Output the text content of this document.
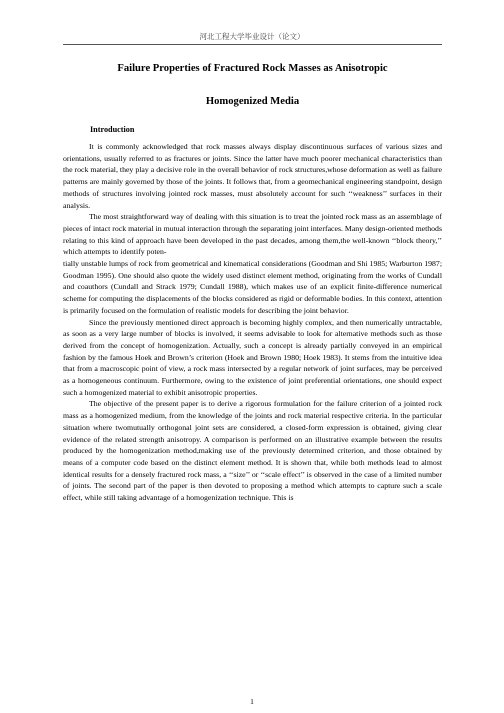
河北工程大学毕业设计（论文）
Failure Properties of Fractured Rock Masses as Anisotropic
Homogenized Media
Introduction

It is commonly acknowledged that rock masses always display discontinuous surfaces of various sizes and orientations, usually referred to as fractures or joints. Since the latter have much poorer mechanical characteristics than the rock material, they play a decisive role in the overall behavior of rock structures,whose deformation as well as failure patterns are mainly governed by those of the joints. It follows that, from a geomechanical engineering standpoint, design methods of structures involving jointed rock masses, must absolutely account for such ‘‘weakness’’ surfaces in their analysis.

The most straightforward way of dealing with this situation is to treat the jointed rock mass as an assemblage of pieces of intact rock material in mutual interaction through the separating joint interfaces. Many design-oriented methods relating to this kind of approach have been developed in the past decades, among them,the well-known ‘‘block theory,’’ which attempts to identify poten-

tially unstable lumps of rock from geometrical and kinematical considerations (Goodman and Shi 1985; Warburton 1987; Goodman 1995). One should also quote the widely used distinct element method, originating from the works of Cundall and coauthors (Cundall and Strack 1979; Cundall 1988), which makes use of an explicit finite-difference numerical scheme for computing the displacements of the blocks considered as rigid or deformable bodies. In this context, attention is primarily focused on the formulation of realistic models for describing the joint behavior.

Since the previously mentioned direct approach is becoming highly complex, and then numerically untractable, as soon as a very large number of blocks is involved, it seems advisable to look for alternative methods such as those derived from the concept of homogenization. Actually, such a concept is already partially conveyed in an empirical fashion by the famous Hoek and Brown’s criterion (Hoek and Brown 1980; Hoek 1983). It stems from the intuitive idea that from a macroscopic point of view, a rock mass intersected by a regular network of joint surfaces, may be perceived as a homogeneous continuum. Furthermore, owing to the existence of joint preferential orientations, one should expect such a homogenized material to exhibit anisotropic properties.

The objective of the present paper is to derive a rigorous formulation for the failure criterion of a jointed rock mass as a homogenized medium, from the knowledge of the joints and rock material respective criteria. In the particular situation where twomutually orthogonal joint sets are considered, a closed-form expression is obtained, giving clear evidence of the related strength anisotropy. A comparison is performed on an illustrative example between the results produced by the homogenization method,making use of the previously determined criterion, and those obtained by means of a computer code based on the distinct element method. It is shown that, while both methods lead to almost identical results for a densely fractured rock mass, a ‘‘size’’ or ‘‘scale effect’’ is observed in the case of a limited number of joints. The second part of the paper is then devoted to proposing a method which attempts to capture such a scale effect, while still taking advantage of a homogenization technique. This is

1
